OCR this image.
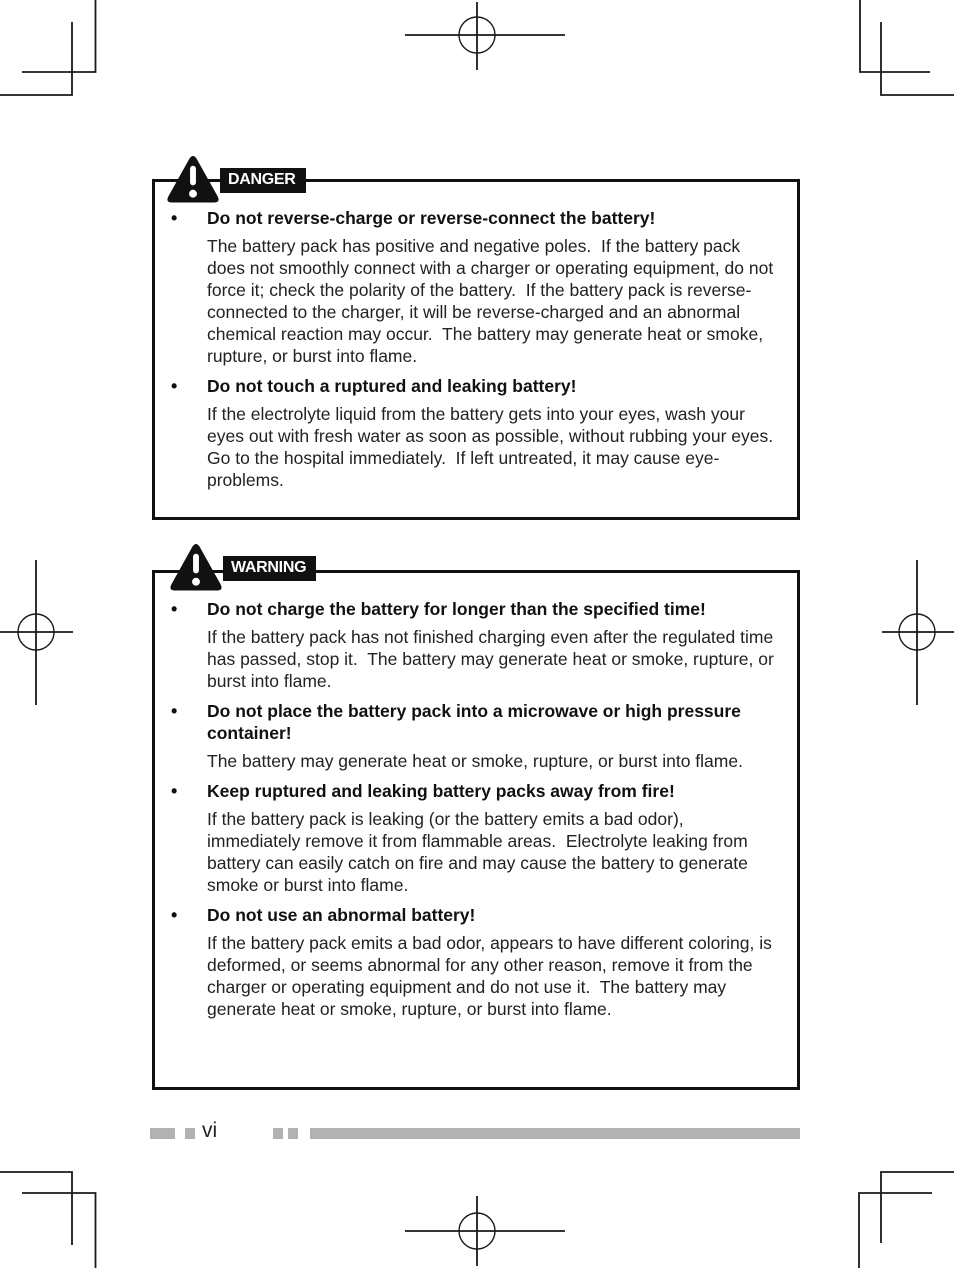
DANGER
•	Do not reverse-charge or reverse-connect the battery!

The battery pack has positive and negative poles.  If the battery pack does not smoothly connect with a charger or operating equipment, do not force it; check the polarity of the battery.  If the battery pack is reverse-connected to the charger, it will be reverse-charged and an abnormal chemical reaction may occur.  The battery may generate heat or smoke, rupture, or burst into flame.

•	Do not touch a ruptured and leaking battery!

If the electrolyte liquid from the battery gets into your eyes, wash your eyes out with fresh water as soon as possible, without rubbing your eyes.  Go to the hospital immediately.  If left untreated, it may cause eye-problems.

WARNING
•	Do not charge the battery for longer than the specified time!

If the battery pack has not finished charging even after the regulated time has passed, stop it.  The battery may generate heat or smoke, rupture, or burst into flame.

•	Do not place the battery pack into a microwave or high pressure container!

The battery may generate heat or smoke, rupture, or burst into flame.

•	Keep ruptured and leaking battery packs away from fire!

If the battery pack is leaking (or the battery emits a bad odor), immediately remove it from flammable areas.  Electrolyte leaking from battery can easily catch on fire and may cause the battery to generate smoke or burst into flame.

•	Do not use an abnormal battery!

If the battery pack emits a bad odor, appears to have different coloring, is deformed, or seems abnormal for any other reason, remove it from the charger or operating equipment and do not use it.  The battery may generate heat or smoke, rupture, or burst into flame.

vi
